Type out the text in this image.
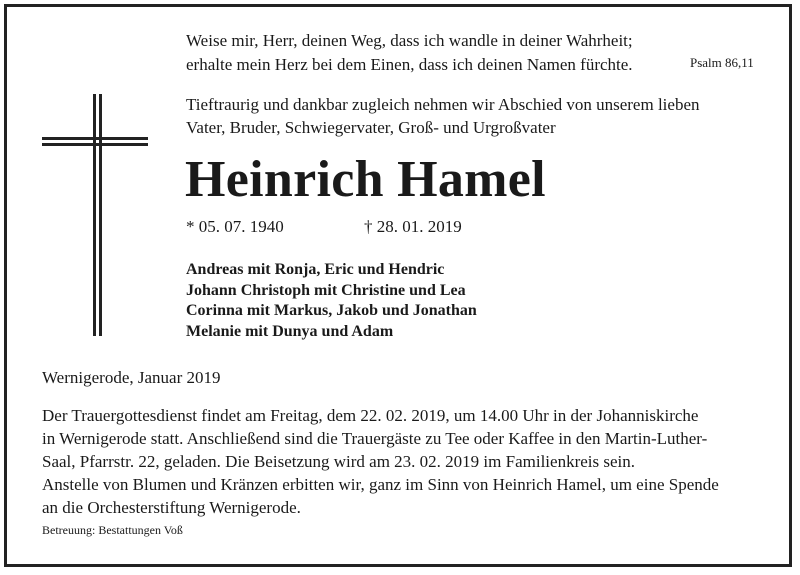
Weise mir, Herr, deinen Weg, dass ich wandle in deiner Wahrheit;
erhalte mein Herz bei dem Einen, dass ich deinen Namen fürchte.	Psalm 86,11
Tieftraurig und dankbar zugleich nehmen wir Abschied von unserem lieben
Vater, Bruder, Schwiegervater, Groß- und Urgroßvater
Heinrich Hamel
* 05. 07. 1940	† 28. 01. 2019
Andreas mit Ronja, Eric und Hendric
Johann Christoph mit Christine und Lea
Corinna mit Markus, Jakob und Jonathan
Melanie mit Dunya und Adam
Wernigerode, Januar 2019
Der Trauergottesdienst findet am Freitag, dem 22. 02. 2019, um 14.00 Uhr in der Johanniskirche
in Wernigerode statt. Anschließend sind die Trauergäste zu Tee oder Kaffee in den Martin-Luther-
Saal, Pfarrstr. 22, geladen. Die Beisetzung wird am 23. 02. 2019 im Familienkreis sein.
Anstelle von Blumen und Kränzen erbitten wir, ganz im Sinn von Heinrich Hamel, um eine Spende
an die Orchesterstiftung Wernigerode.
Betreuung: Bestattungen Voß
